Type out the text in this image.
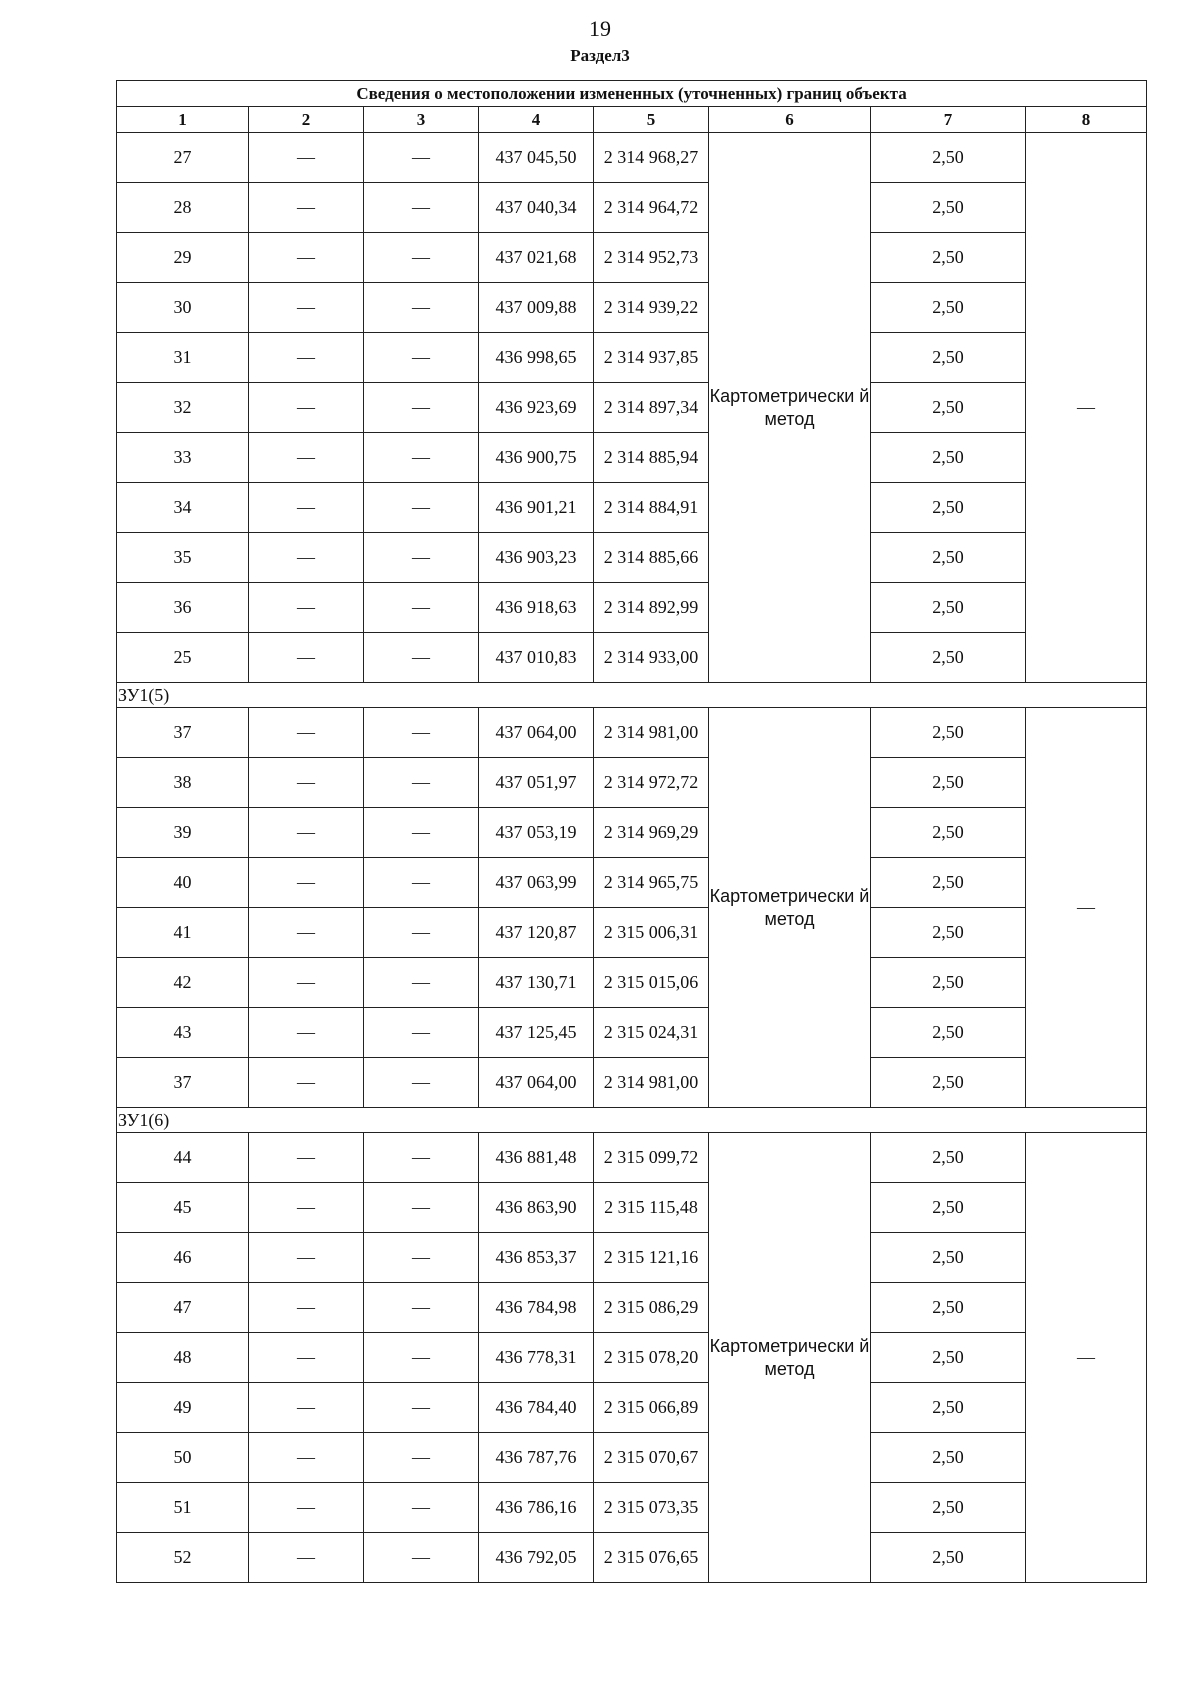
19
Раздел3
Сведения о местоположении измененных (уточненных) границ объекта							
1	2	3	4	5	6	7	8
27	—	—	437 045,50	2 314 968,27	Картометрически й метод	2,50	—
28	—	—	437 040,34	2 314 964,72		2,50	
29	—	—	437 021,68	2 314 952,73		2,50	
30	—	—	437 009,88	2 314 939,22		2,50	
31	—	—	436 998,65	2 314 937,85		2,50	
32	—	—	436 923,69	2 314 897,34		2,50	
33	—	—	436 900,75	2 314 885,94		2,50	
34	—	—	436 901,21	2 314 884,91		2,50	
35	—	—	436 903,23	2 314 885,66		2,50	
36	—	—	436 918,63	2 314 892,99		2,50	
25	—	—	437 010,83	2 314 933,00		2,50	
ЗУ1(5)							
37	—	—	437 064,00	2 314 981,00	Картометрически й метод	2,50	—
38	—	—	437 051,97	2 314 972,72		2,50	
39	—	—	437 053,19	2 314 969,29		2,50	
40	—	—	437 063,99	2 314 965,75		2,50	
41	—	—	437 120,87	2 315 006,31		2,50	
42	—	—	437 130,71	2 315 015,06		2,50	
43	—	—	437 125,45	2 315 024,31		2,50	
37	—	—	437 064,00	2 314 981,00		2,50	
ЗУ1(6)							
44	—	—	436 881,48	2 315 099,72	Картометрически й метод	2,50	—
45	—	—	436 863,90	2 315 115,48		2,50	
46	—	—	436 853,37	2 315 121,16		2,50	
47	—	—	436 784,98	2 315 086,29		2,50	
48	—	—	436 778,31	2 315 078,20		2,50	
49	—	—	436 784,40	2 315 066,89		2,50	
50	—	—	436 787,76	2 315 070,67		2,50	
51	—	—	436 786,16	2 315 073,35		2,50	
52	—	—	436 792,05	2 315 076,65		2,50	
